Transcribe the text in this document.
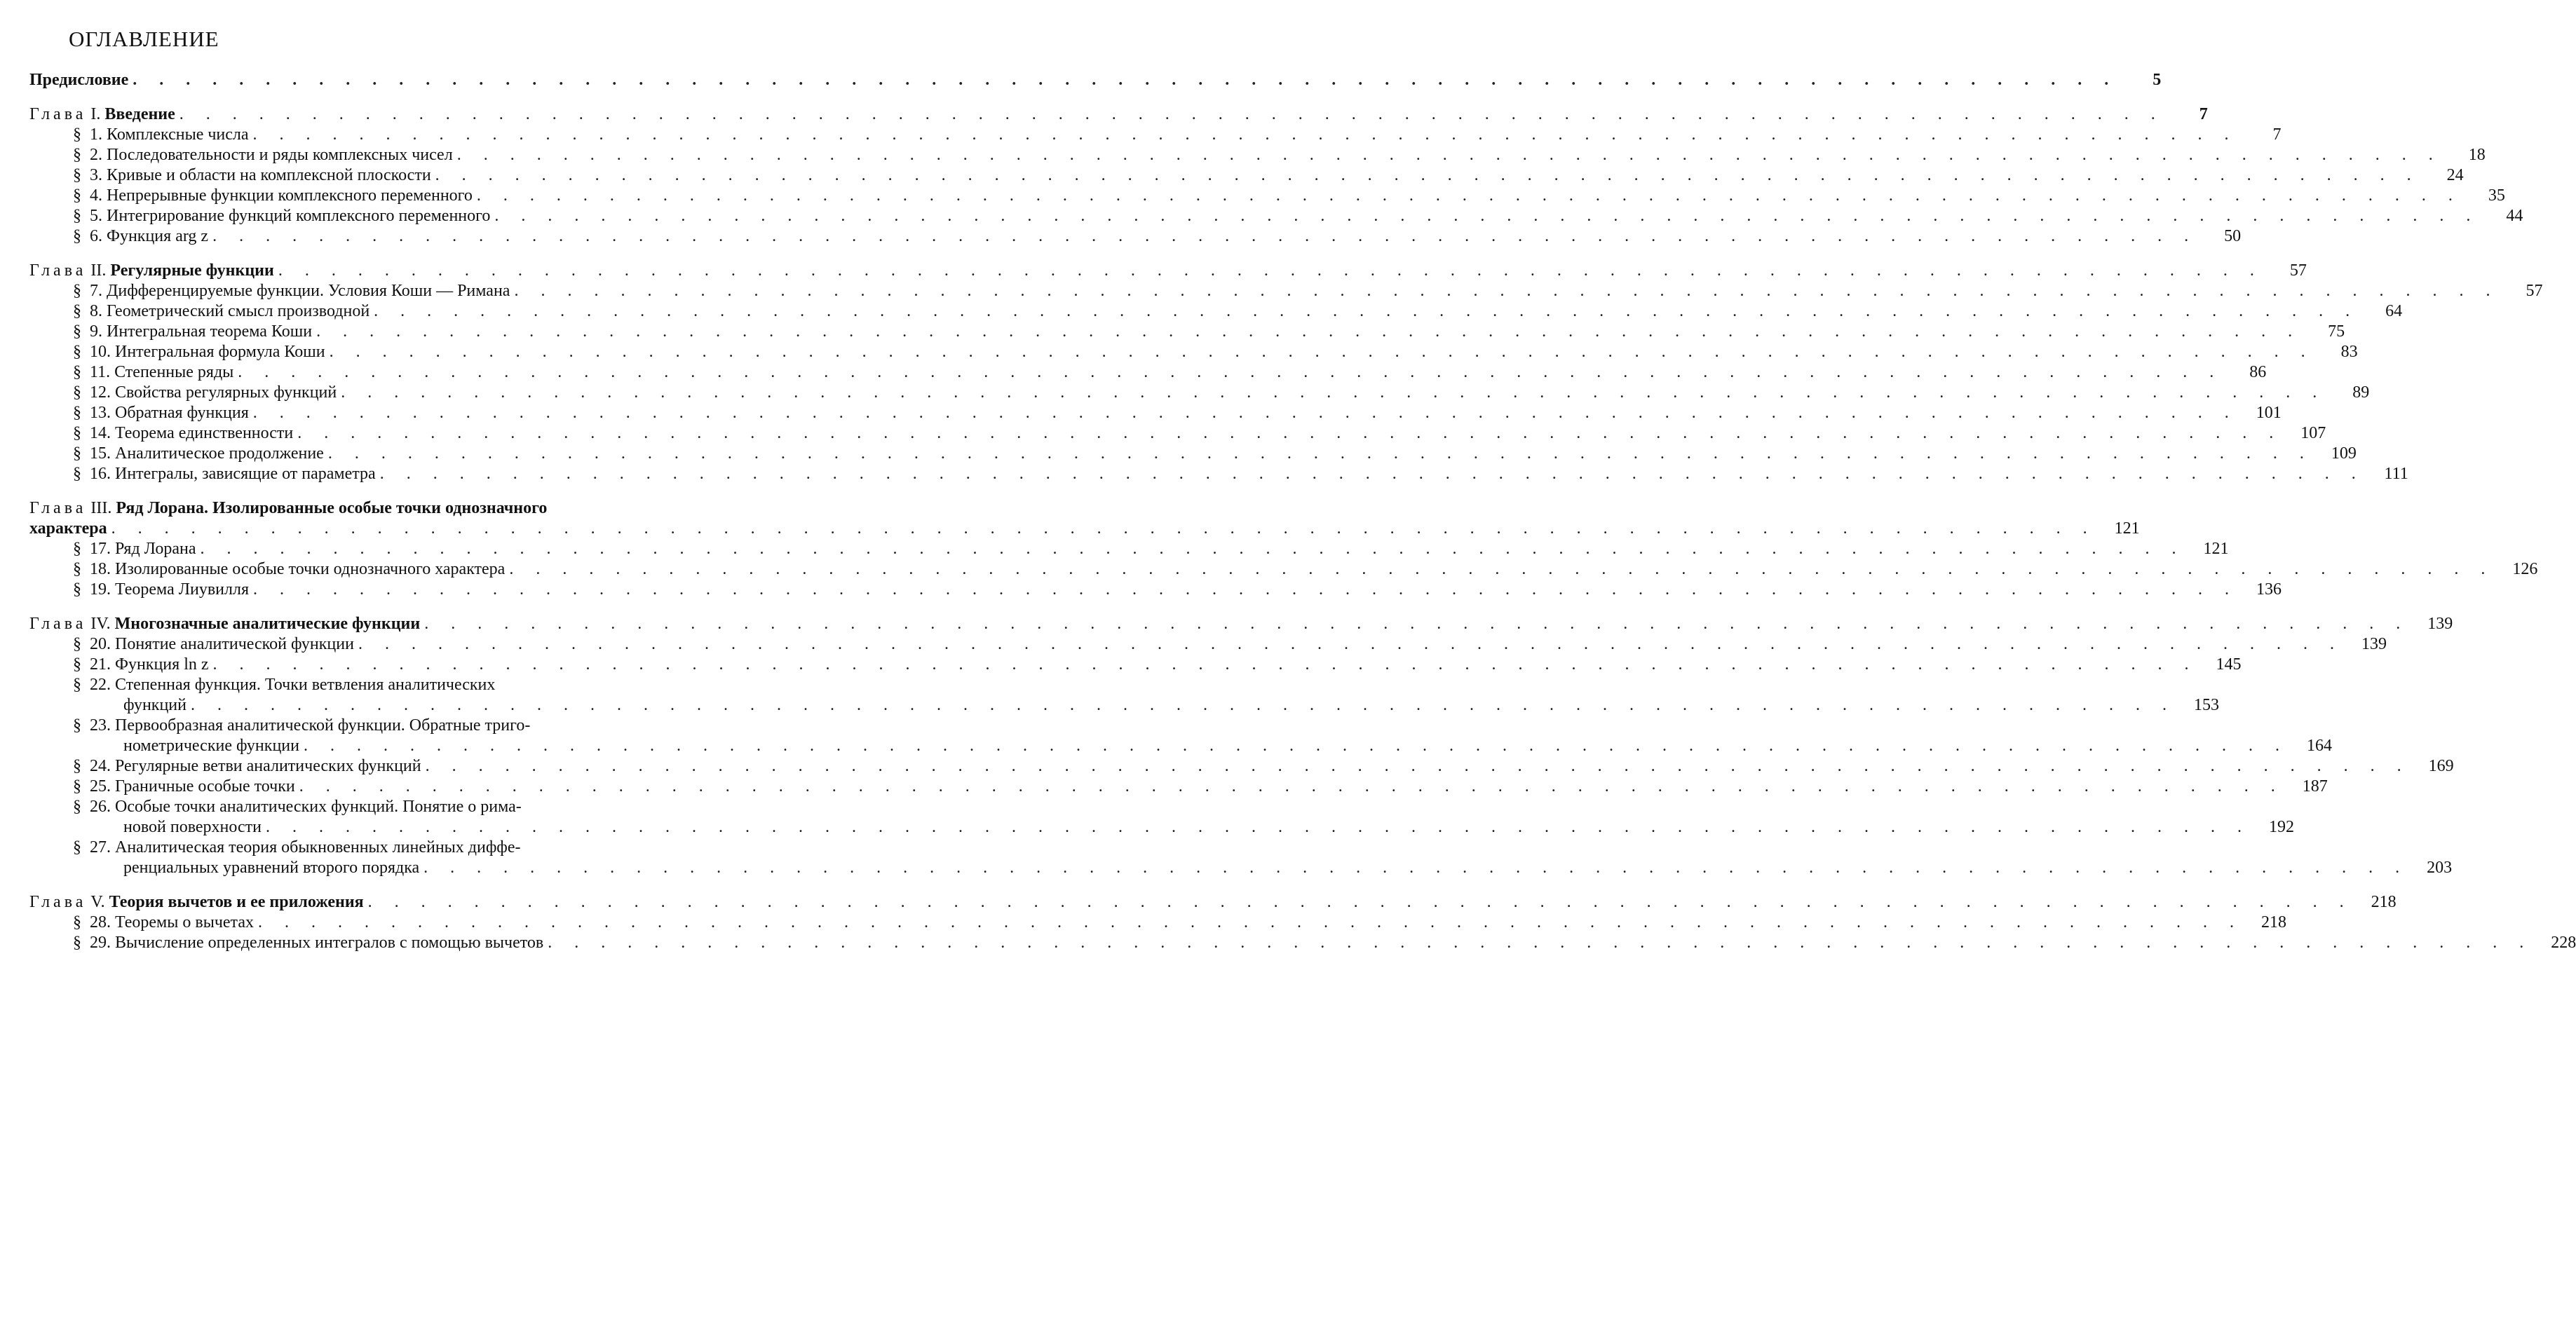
ОГЛАВЛЕНИЕ
Предисловие . . .	5
Глава I. Введение . . .	7
§ 1. Комплексные числа . . .	7
§ 2. Последовательности и ряды комплексных чисел . . .	18
§ 3. Кривые и области на комплексной плоскости . . .	24
§ 4. Непрерывные функции комплексного переменного . . .	35
§ 5. Интегрирование функций комплексного переменного . . .	44
§ 6. Функция arg z . . .	50
Глава II. Регулярные функции . . .	57
§ 7. Дифференцируемые функции. Условия Коши — Римана . . .	57
§ 8. Геометрический смысл производной . . .	64
§ 9. Интегральная теорема Коши . . .	75
§ 10. Интегральная формула Коши . . .	83
§ 11. Степенные ряды . . .	86
§ 12. Свойства регулярных функций . . .	89
§ 13. Обратная функция . . .	101
§ 14. Теорема единственности . . .	107
§ 15. Аналитическое продолжение . . .	109
§ 16. Интегралы, зависящие от параметра . . .	111
Глава III. Ряд Лорана. Изолированные особые точки однозначного
характера . . .	121
§ 17. Ряд Лорана . . .	121
§ 18. Изолированные особые точки однозначного характера . . .	126
§ 19. Теорема Лиувилля . . .	136
Глава IV. Многозначные аналитические функции . . .	139
§ 20. Понятие аналитической функции . . .	139
§ 21. Функция ln z . . .	145
§ 22. Степенная функция. Точки ветвления аналитических
функций . . .	153
§ 23. Первообразная аналитической функции. Обратные триго-
нометрические функции . . .	164
§ 24. Регулярные ветви аналитических функций . . .	169
§ 25. Граничные особые точки . . .	187
§ 26. Особые точки аналитических функций. Понятие о рима-
новой поверхности . . .	192
§ 27. Аналитическая теория обыкновенных линейных диффе-
ренциальных уравнений второго порядка . . .	203
Глава V. Теория вычетов и ее приложения . . .	218
§ 28. Теоремы о вычетах . . .	218
§ 29. Вычисление определенных интегралов с помощью вычетов . . .	228
